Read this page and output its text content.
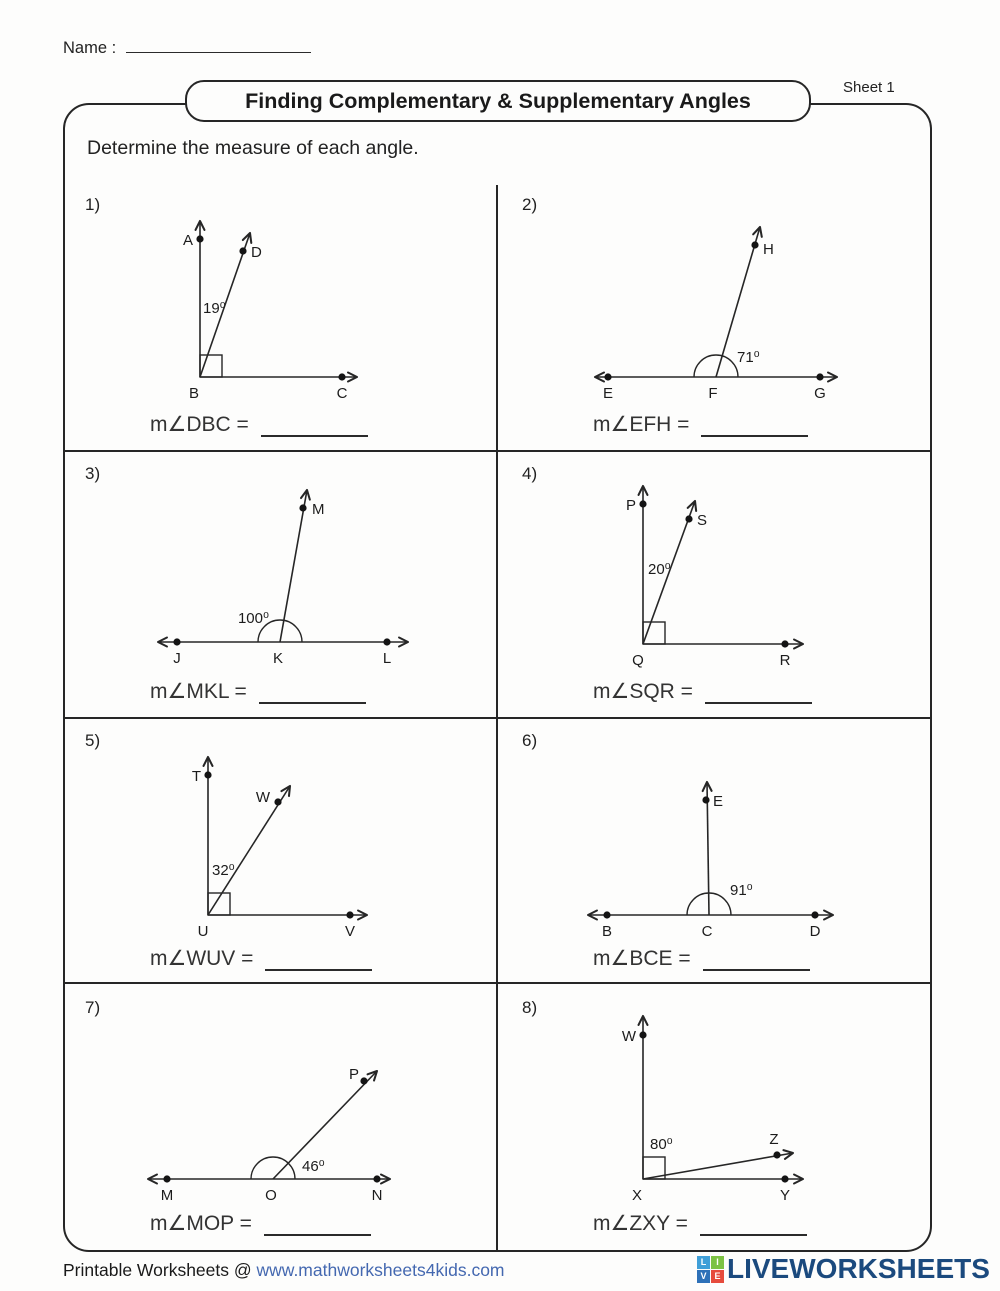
Name :
Sheet 1
Finding Complementary & Supplementary Angles
Determine the measure of each angle.
1)
A
D
B	C
19⁰
m∠DBC =
2)
E	F	G
H
71⁰
m∠EFH =
3)
J	K	L
M
100⁰
m∠MKL =
4)
P
S
Q	R
20⁰
m∠SQR =
5)
T
W
U	V
32⁰
m∠WUV =
6)
B	C	D
E
91⁰
m∠BCE =
7)
M	O	N
P
46⁰
m∠MOP =
8)
W
Z
X	Y
80⁰
m∠ZXY =
Printable Worksheets @ www.mathworksheets4kids.com	L	I
V E LIVEWORKSHEETS
